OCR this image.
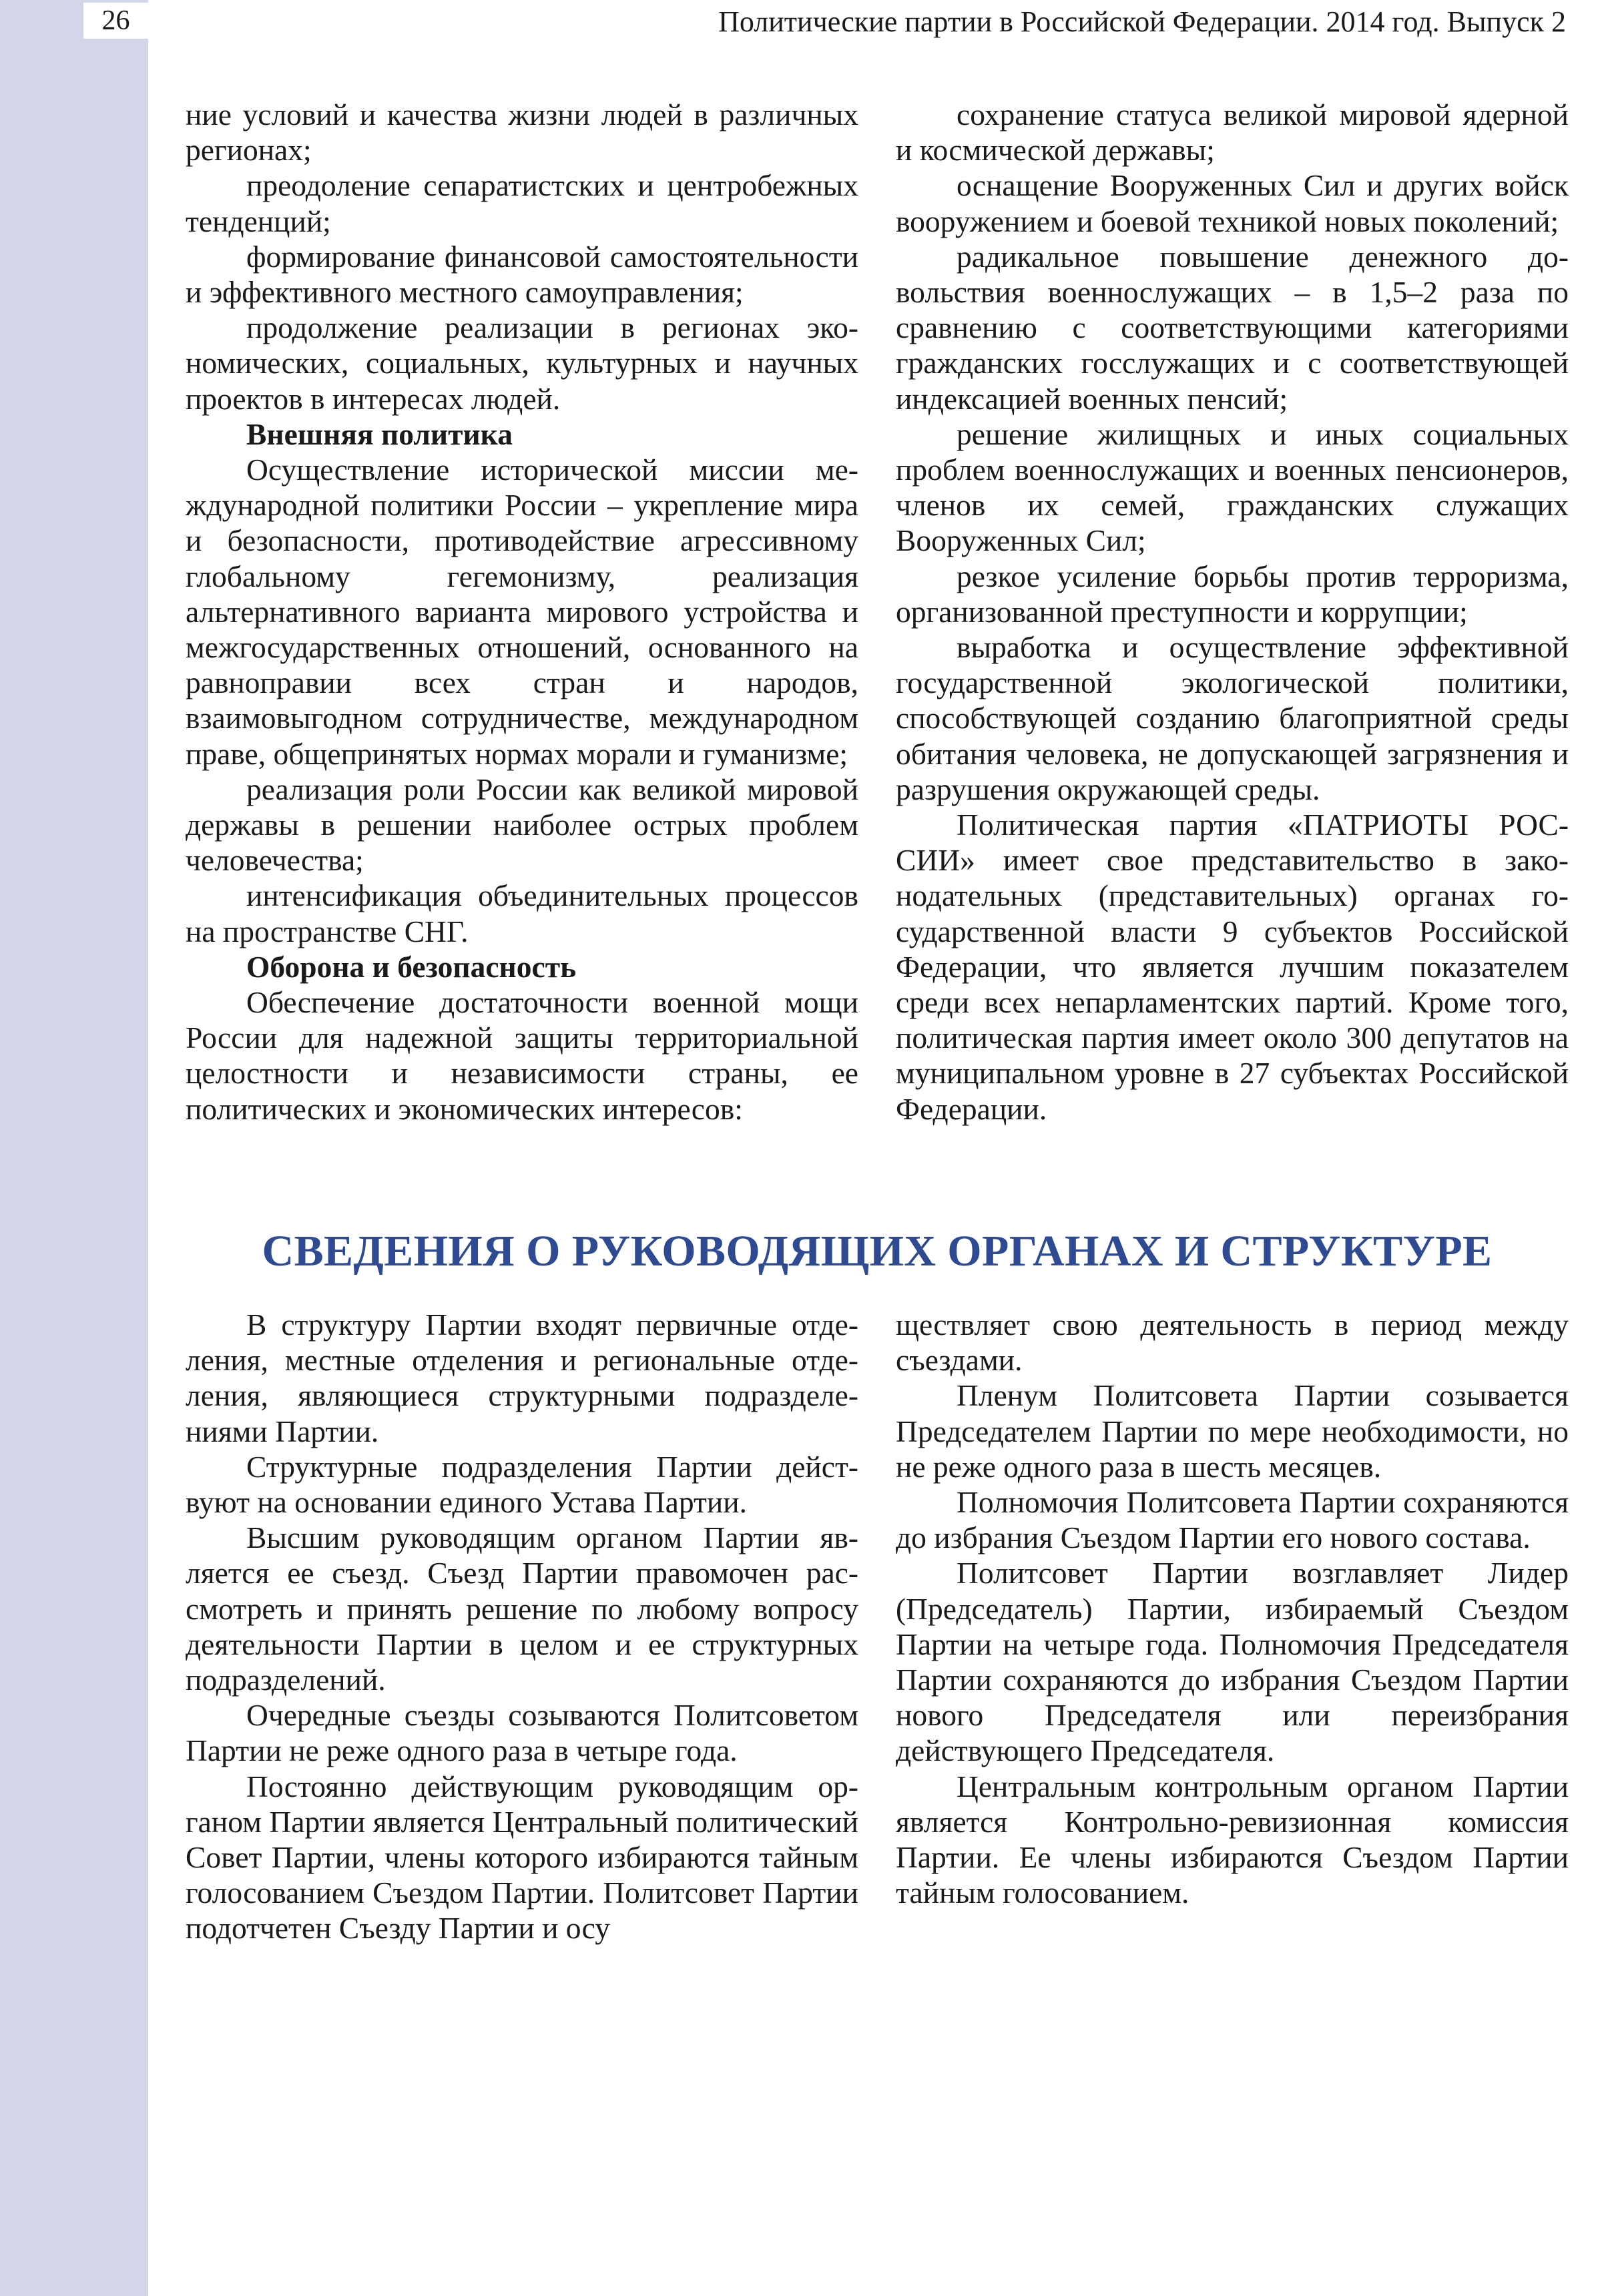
26	Политические партии в Российской Федерации. 2014 год. Выпуск 2

ние условий и качества жизни людей в различных регионах;

преодоление сепаратистских и центробежных тенденций;

формирование финансовой самостоятельности и эффективного местного самоуправления;

продолжение реализации в регионах экономических, социальных, культурных и научных проектов в интересах людей.

Внешняя политика

Осуществление исторической миссии международной политики России – укрепление мира и безопасности, противодействие агрессивному глобальному гегемонизму, реализация альтернативного варианта мирового устройства и межгосударственных отношений, основанного на равноправии всех стран и народов, взаимовыгодном сотрудничестве, международном праве, общепринятых нормах морали и гуманизме;

реализация роли России как великой мировой державы в решении наиболее острых проблем человечества;

интенсификация объединительных процессов на пространстве СНГ.

Оборона и безопасность

Обеспечение достаточности военной мощи России для надежной защиты территориальной целостности и независимости страны, ее политических и экономических интересов:

сохранение статуса великой мировой ядерной и космической державы;

оснащение Вооруженных Сил и других войск вооружением и боевой техникой новых поколений;

радикальное повышение денежного довольствия военнослужащих – в 1,5–2 раза по сравнению с соответствующими категориями гражданских госслужащих и с соответствующей индексацией военных пенсий;

решение жилищных и иных социальных проблем военнослужащих и военных пенсионеров, членов их семей, гражданских служащих Вооруженных Сил;

резкое усиление борьбы против терроризма, организованной преступности и коррупции;

выработка и осуществление эффективной государственной экологической политики, способствующей созданию благоприятной среды обитания человека, не допускающей загрязнения и разрушения окружающей среды.

Политическая партия «ПАТРИОТЫ РОССИИ» имеет свое представительство в законодательных (представительных) органах государственной власти 9 субъектов Российской Федерации, что является лучшим показателем среди всех непарламентских партий. Кроме того, политическая партия имеет около 300 депутатов на муниципальном уровне в 27 субъектах Российской Федерации.

СВЕДЕНИЯ О РУКОВОДЯЩИХ ОРГАНАХ И СТРУКТУРЕ

В структуру Партии входят первичные отделения, местные отделения и региональные отделения, являющиеся структурными подразделениями Партии.

Структурные подразделения Партии действуют на основании единого Устава Партии.

Высшим руководящим органом Партии является ее съезд. Съезд Партии правомочен рассмотреть и принять решение по любому вопросу деятельности Партии в целом и ее структурных подразделений.

Очередные съезды созываются Политсоветом Партии не реже одного раза в четыре года.

Постоянно действующим руководящим органом Партии является Центральный политический Совет Партии, члены которого избираются тайным голосованием Съездом Партии. Политсовет Партии подотчетен Съезду Партии и осу

ществляет свою деятельность в период между съездами.

Пленум Политсовета Партии созывается Председателем Партии по мере необходимости, но не реже одного раза в шесть месяцев.

Полномочия Политсовета Партии сохраняются до избрания Съездом Партии его нового состава.

Политсовет Партии возглавляет Лидер (Председатель) Партии, избираемый Съездом Партии на четыре года. Полномочия Председателя Партии сохраняются до избрания Съездом Партии нового Председателя или переизбрания действующего Председателя.

Центральным контрольным органом Партии является Контрольно-ревизионная комиссия Партии. Ее члены избираются Съездом Партии тайным голосованием.
